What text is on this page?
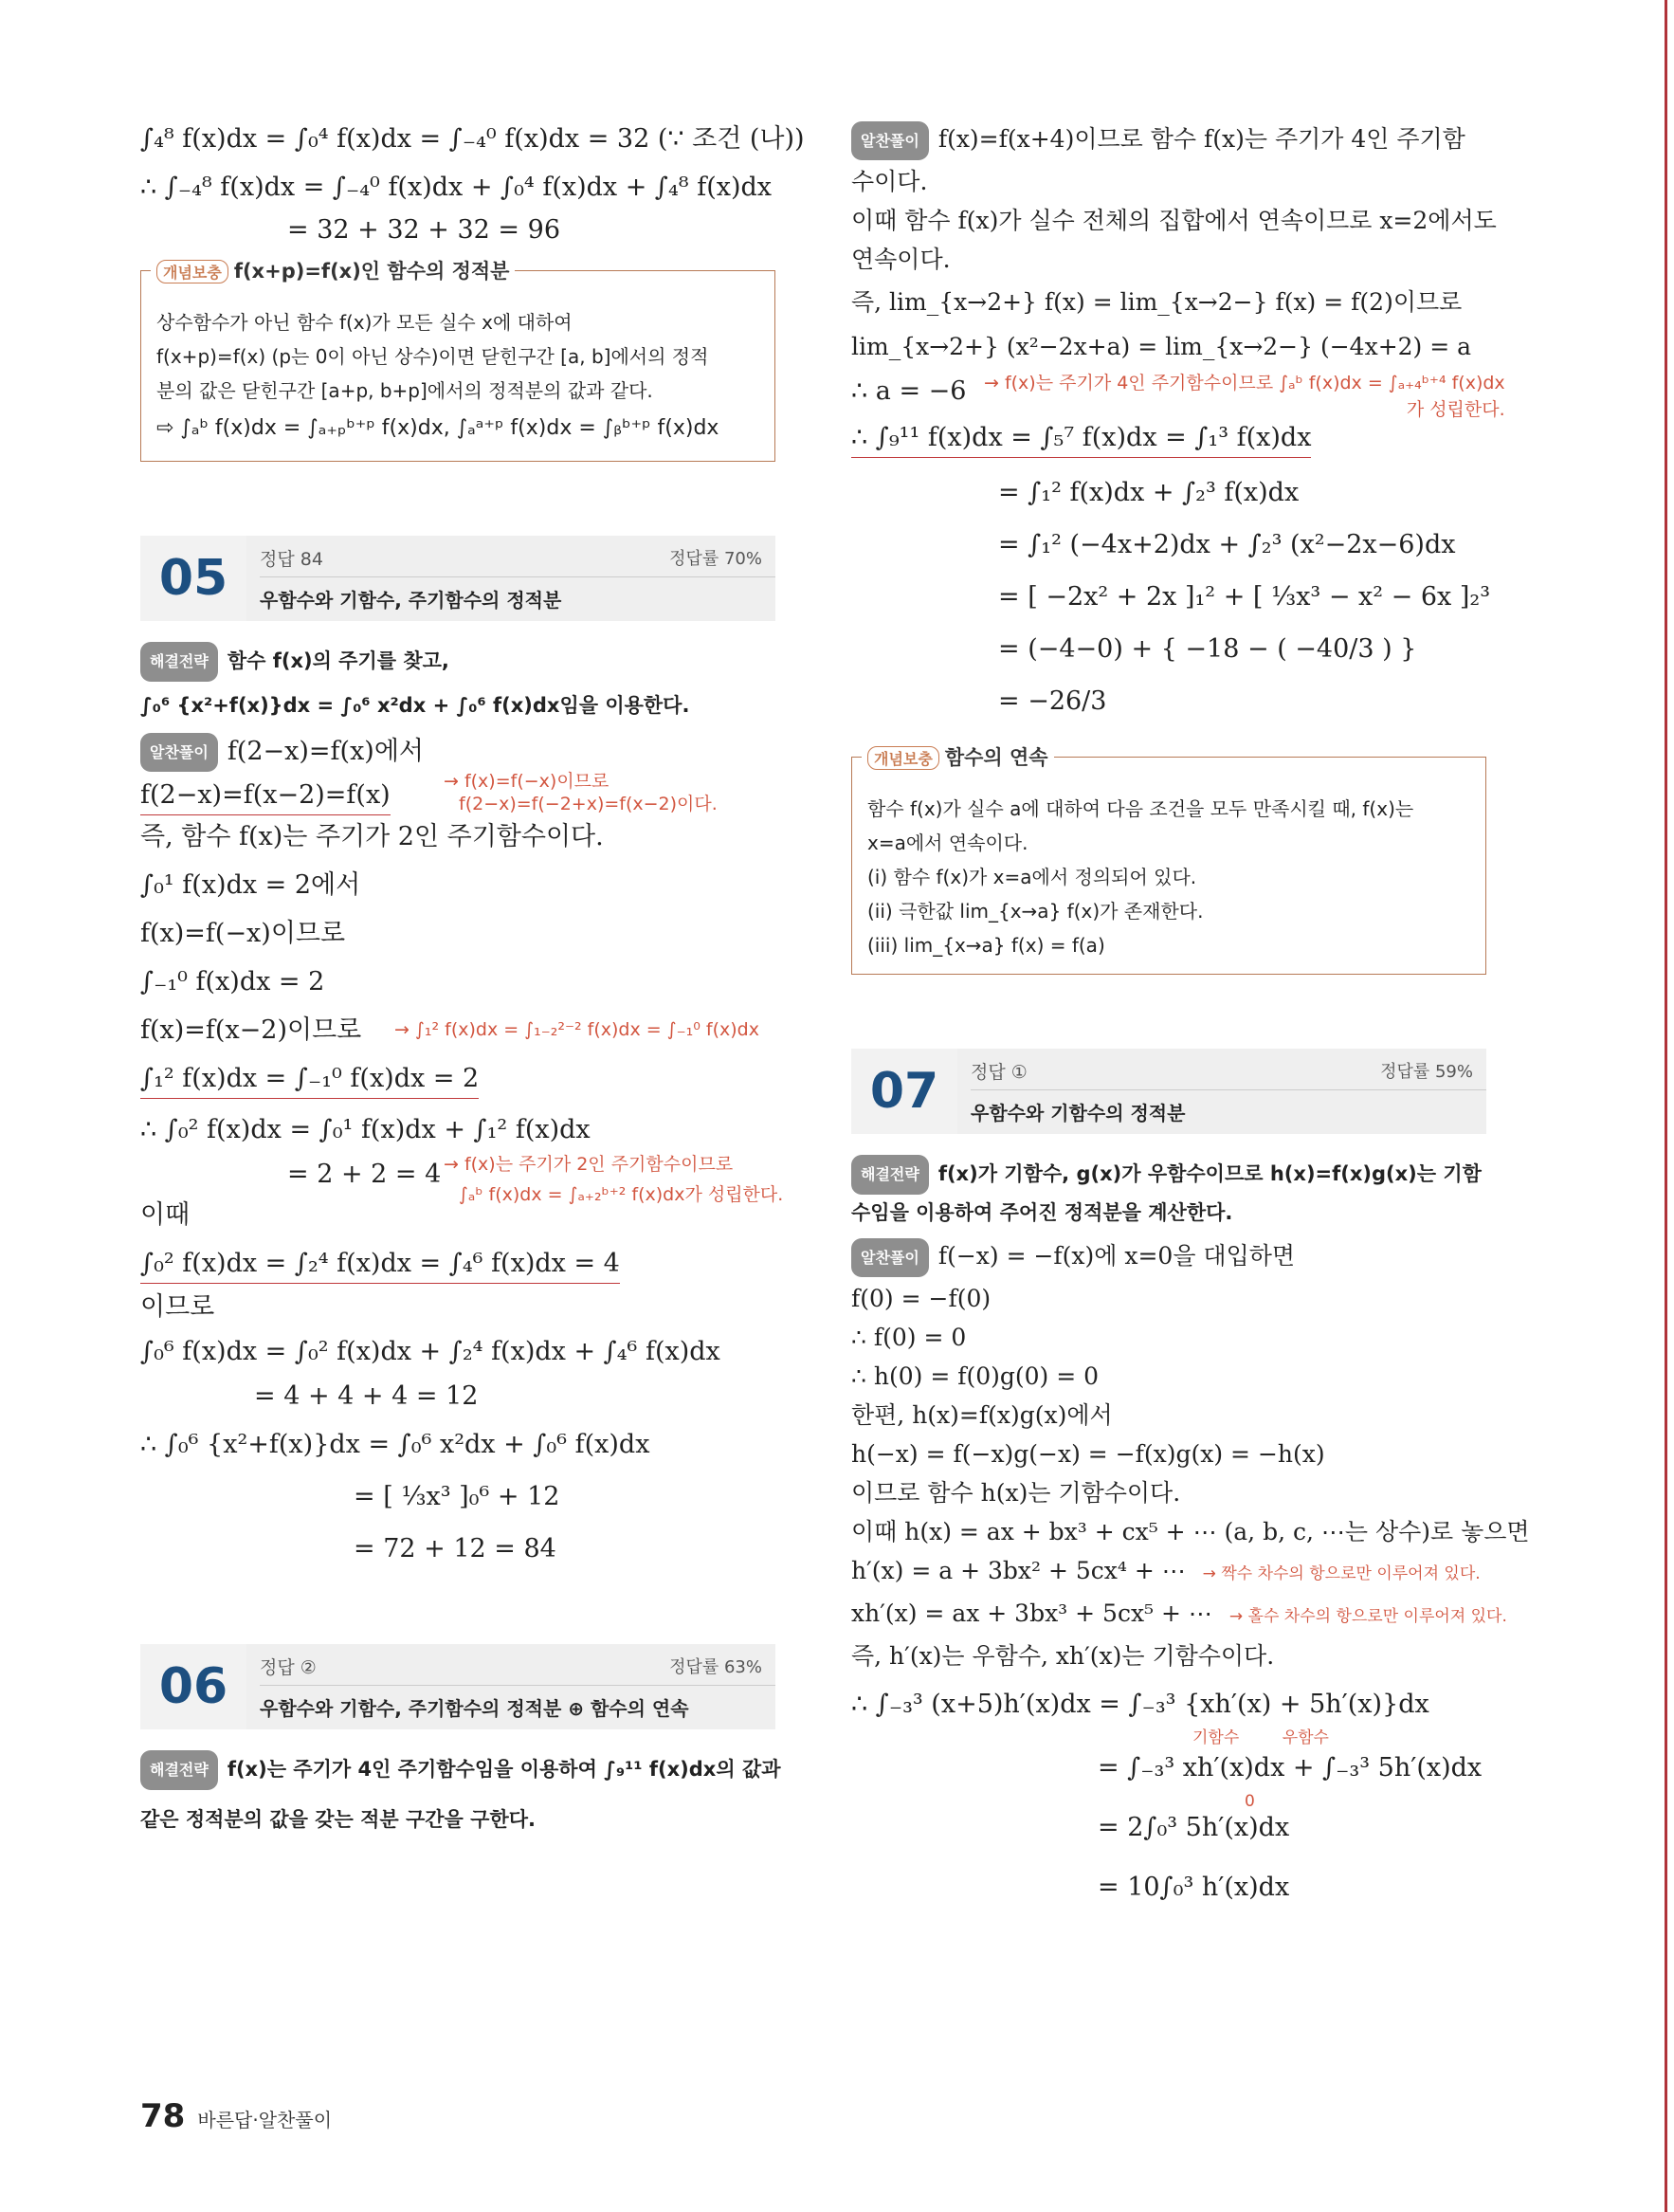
∫₄⁸ f(x)dx = ∫₀⁴ f(x)dx = ∫₋₄⁰ f(x)dx = 32 (∵ 조건 (나))
∴ ∫₋₄⁸ f(x)dx = ∫₋₄⁰ f(x)dx + ∫₀⁴ f(x)dx + ∫₄⁸ f(x)dx
= 32 + 32 + 32 = 96
개념보충 f(x+p)=f(x)인 함수의 정적분
상수함수가 아닌 함수 f(x)가 모든 실수 x에 대하여
f(x+p)=f(x) (p는 0이 아닌 상수)이면 닫힌구간 [a, b]에서의 정적
분의 값은 닫힌구간 [a+p, b+p]에서의 정적분의 값과 같다.
⇨ ∫ₐᵇ f(x)dx = ∫ₐ₊ₚᵇ⁺ᵖ f(x)dx, ∫ₐᵃ⁺ᵖ f(x)dx = ∫ᵦᵇ⁺ᵖ f(x)dx
05	정답 84	정답률 70%
우함수와 기함수, 주기함수의 정적분
해결전략 함수 f(x)의 주기를 찾고,
∫₀⁶ {x²+f(x)}dx = ∫₀⁶ x²dx + ∫₀⁶ f(x)dx임을 이용한다.
알찬풀이 f(2−x)=f(x)에서
f(2−x)=f(x−2)=f(x)	→ f(x)=f(−x)이므로
f(2−x)=f(−2+x)=f(x−2)이다.
즉, 함수 f(x)는 주기가 2인 주기함수이다.
∫₀¹ f(x)dx = 2에서
f(x)=f(−x)이므로
∫₋₁⁰ f(x)dx = 2
f(x)=f(x−2)이므로 → ∫₁² f(x)dx = ∫₁₋₂²⁻² f(x)dx = ∫₋₁⁰ f(x)dx
∫₁² f(x)dx = ∫₋₁⁰ f(x)dx = 2
∴ ∫₀² f(x)dx = ∫₀¹ f(x)dx + ∫₁² f(x)dx
= 2 + 2 = 4 → f(x)는 주기가 2인 주기함수이므로
∫ₐᵇ f(x)dx = ∫ₐ₊₂ᵇ⁺² f(x)dx가 성립한다.
이때
∫₀² f(x)dx = ∫₂⁴ f(x)dx = ∫₄⁶ f(x)dx = 4
이므로
∫₀⁶ f(x)dx = ∫₀² f(x)dx + ∫₂⁴ f(x)dx + ∫₄⁶ f(x)dx
= 4 + 4 + 4 = 12
∴ ∫₀⁶ {x²+f(x)}dx = ∫₀⁶ x²dx + ∫₀⁶ f(x)dx
= [ ⅓x³ ]₀⁶ + 12
= 72 + 12 = 84
06	정답 ②	정답률 63%
우함수와 기함수, 주기함수의 정적분 ⊕ 함수의 연속
해결전략 f(x)는 주기가 4인 주기함수임을 이용하여 ∫₉¹¹ f(x)dx의 값과
같은 정적분의 값을 갖는 적분 구간을 구한다.
알찬풀이 f(x)=f(x+4)이므로 함수 f(x)는 주기가 4인 주기함
수이다.
이때 함수 f(x)가 실수 전체의 집합에서 연속이므로 x=2에서도
연속이다.
즉, lim_{x→2+} f(x) = lim_{x→2−} f(x) = f(2)이므로
lim_{x→2+} (x²−2x+a) = lim_{x→2−} (−4x+2) = a
∴ a = −6 → f(x)는 주기가 4인 주기함수이므로 ∫ₐᵇ f(x)dx = ∫ₐ₊₄ᵇ⁺⁴ f(x)dx
가 성립한다.
∴ ∫₉¹¹ f(x)dx = ∫₅⁷ f(x)dx = ∫₁³ f(x)dx
= ∫₁² f(x)dx + ∫₂³ f(x)dx
= ∫₁² (−4x+2)dx + ∫₂³ (x²−2x−6)dx
= [ −2x² + 2x ]₁² + [ ⅓x³ − x² − 6x ]₂³
= (−4−0) + { −18 − ( −40/3 ) }
= −26/3
개념보충 함수의 연속
함수 f(x)가 실수 a에 대하여 다음 조건을 모두 만족시킬 때, f(x)는
x=a에서 연속이다.
(i) 함수 f(x)가 x=a에서 정의되어 있다.
(ii) 극한값 lim_{x→a} f(x)가 존재한다.
(iii) lim_{x→a} f(x) = f(a)
07	정답 ①	정답률 59%
우함수와 기함수의 정적분
해결전략 f(x)가 기함수, g(x)가 우함수이므로 h(x)=f(x)g(x)는 기함
수임을 이용하여 주어진 정적분을 계산한다.
알찬풀이 f(−x) = −f(x)에 x=0을 대입하면
f(0) = −f(0)
∴ f(0) = 0
∴ h(0) = f(0)g(0) = 0
한편, h(x)=f(x)g(x)에서
h(−x) = f(−x)g(−x) = −f(x)g(x) = −h(x)
이므로 함수 h(x)는 기함수이다.
이때 h(x) = ax + bx³ + cx⁵ + ⋯ (a, b, c, ⋯는 상수)로 놓으면
h′(x) = a + 3bx² + 5cx⁴ + ⋯ → 짝수 차수의 항으로만 이루어져 있다.
xh′(x) = ax + 3bx³ + 5cx⁵ + ⋯ → 홀수 차수의 항으로만 이루어져 있다.
즉, h′(x)는 우함수, xh′(x)는 기함수이다.
∴ ∫₋₃³ (x+5)h′(x)dx = ∫₋₃³ {xh′(x) + 5h′(x)}dx
기함수	우함수
= ∫₋₃³ xh′(x)dx + ∫₋₃³ 5h′(x)dx
0
= 2∫₀³ 5h′(x)dx
= 10∫₀³ h′(x)dx
78 바른답·알찬풀이
